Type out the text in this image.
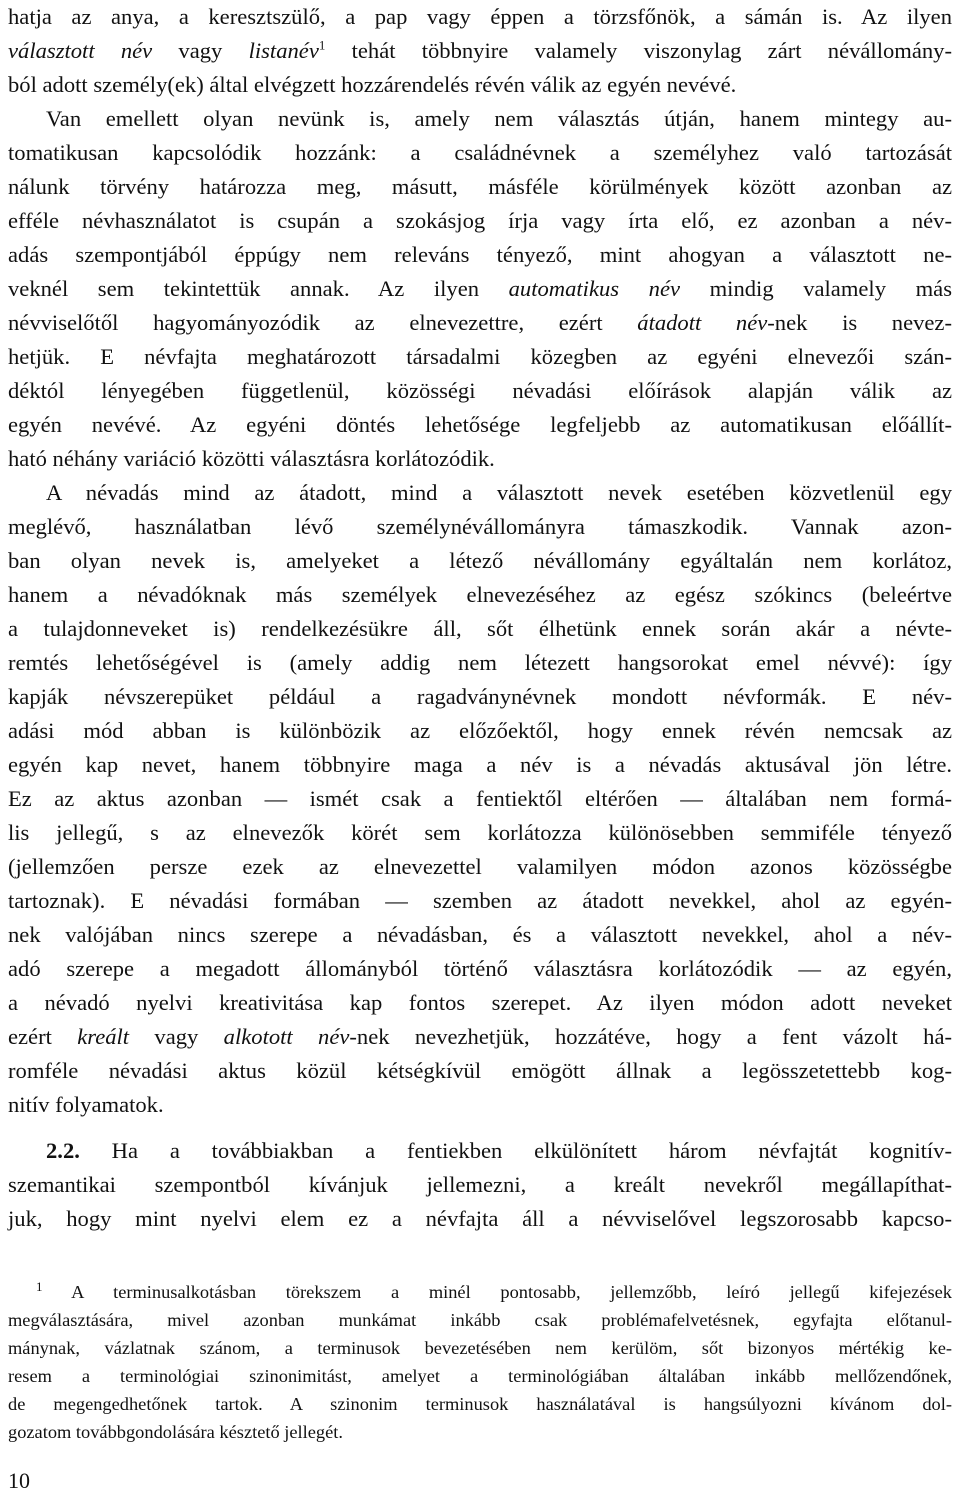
hatja az anya, a keresztszülő, a pap vagy éppen a törzsfőnök, a sámán is. Az ilyen
választott név vagy listanév$^1$ tehát többnyire valamely viszonylag zárt névállomány-
ból adott személy(ek) által elvégzett hozzárendelés révén válik az egyén nevévé.
Van emellett olyan nevünk is, amely nem választás útján, hanem mintegy au-
tomatikusan kapcsolódik hozzánk: a családnévnek a személyhez való tartozását
nálunk törvény határozza meg, másutt, másféle körülmények között azonban az
efféle névhasználatot is csupán a szokásjog írja vagy írta elő, ez azonban a név-
adás szempontjából éppúgy nem releváns tényező, mint ahogyan a választott ne-
veknél sem tekintettük annak. Az ilyen automatikus név mindig valamely más
névviselőtől hagyományozódik az elnevezettre, ezért átadott név-nek is nevez-
hetjük. E névfajta meghatározott társadalmi közegben az egyéni elnevezői szán-
déktól lényegében függetlenül, közösségi névadási előírások alapján válik az
egyén nevévé. Az egyéni döntés lehetősége legfeljebb az automatikusan előállít-
ható néhány variáció közötti választásra korlátozódik.
A névadás mind az átadott, mind a választott nevek esetében közvetlenül egy
meglévő, használatban lévő személynévállományra támaszkodik. Vannak azon-
ban olyan nevek is, amelyeket a létező névállomány egyáltalán nem korlátoz,
hanem a névadóknak más személyek elnevezéséhez az egész szókincs (beleértve
a tulajdonneveket is) rendelkezésükre áll, sőt élhetünk ennek során akár a névte-
remtés lehetőségével is (amely addig nem létezett hangsorokat emel névvé): így
kapják névszerepüket például a ragadványnévnek mondott névformák. E név-
adási mód abban is különbözik az előzőektől, hogy ennek révén nemcsak az
egyén kap nevet, hanem többnyire maga a név is a névadás aktusával jön létre.
Ez az aktus azonban — ismét csak a fentiektől eltérően — általában nem formá-
lis jellegű, s az elnevezők körét sem korlátozza különösebben semmiféle tényező
(jellemzően persze ezek az elnevezettel valamilyen módon azonos közösségbe
tartoznak). E névadási formában — szemben az átadott nevekkel, ahol az egyén-
nek valójában nincs szerepe a névadásban, és a választott nevekkel, ahol a név-
adó szerepe a megadott állományból történő választásra korlátozódik — az egyén,
a névadó nyelvi kreativitása kap fontos szerepet. Az ilyen módon adott neveket
ezért kreált vagy alkotott név-nek nevezhetjük, hozzátéve, hogy a fent vázolt há-
romféle névadási aktus közül kétségkívül emögött állnak a legösszetettebb kog-
nitív folyamatok.
2.2. Ha a továbbiakban a fentiekben elkülönített három névfajtát kognitív-
szemantikai szempontból kívánjuk jellemezni, a kreált nevekről megállapíthat-
juk, hogy mint nyelvi elem ez a névfajta áll a névviselővel legszorosabb kapcso-
$^1$ A terminusalkotásban törekszem a minél pontosabb, jellemzőbb, leíró jellegű kifejezések
megválasztására, mivel azonban munkámat inkább csak problémafelvetésnek, egyfajta előtanul-
mánynak, vázlatnak szánom, a terminusok bevezetésében nem kerülöm, sőt bizonyos mértékig ke-
resem a terminológiai szinonimitást, amelyet a terminológiában általában inkább mellőzendőnek,
de megengedhetőnek tartok. A szinonim terminusok használatával is hangsúlyozni kívánom dol-
gozatom továbbgondolására késztető jellegét.
10
